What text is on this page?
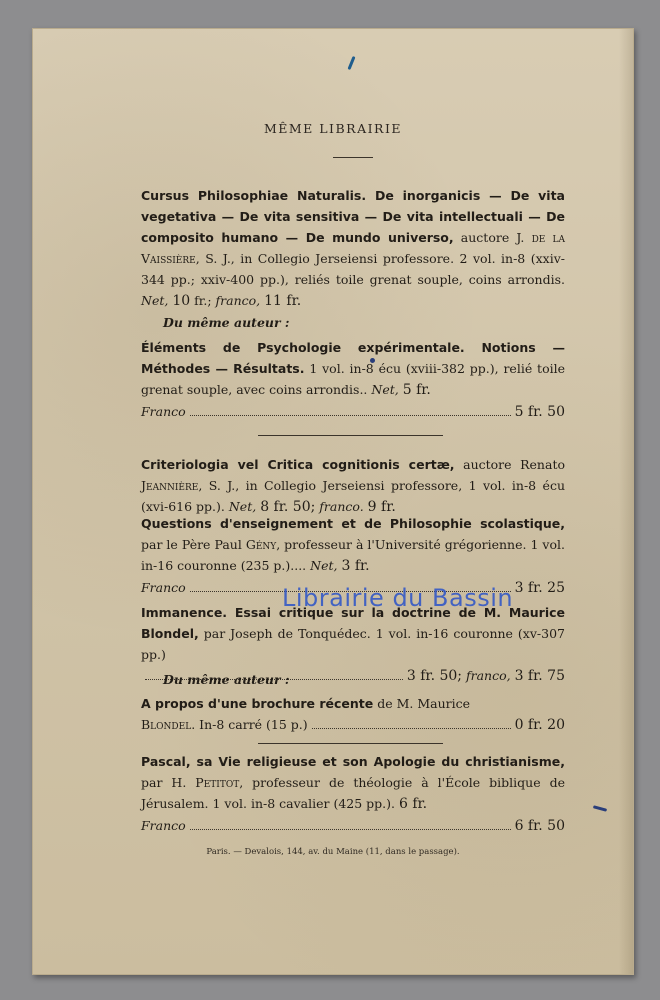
MÊME LIBRAIRIE

Cursus Philosophiae Naturalis. De inorganicis — De vita vegetativa — De vita sensitiva — De vita intellectuali — De composito humano — De mundo universo, auctore J. de la Vaissière, S. J., in Collegio Jerseiensi professore. 2 vol. in-8 (xxiv-344 pp.; xxiv-400 pp.), reliés toile grenat souple, coins arrondis. Net, 10 fr.; franco, 11 fr.

Du même auteur :

Éléments de Psychologie expérimentale. Notions — Méthodes — Résultats. 1 vol. in-8 écu (xviii-382 pp.), relié toile grenat souple, avec coins arrondis.. Net, 5 fr.

Franco	5 fr. 50

Criteriologia vel Critica cognitionis certæ, auctore Renato Jeannière, S. J., in Collegio Jerseiensi professore, 1 vol. in-8 écu (xvi-616 pp.). Net, 8 fr. 50; franco. 9 fr.

Questions d'enseignement et de Philosophie scolastique, par le Père Paul Gény, professeur à l'Université grégorienne. 1 vol. in-16 couronne (235 p.).... Net, 3 fr.

Franco	3 fr. 25

Immanence. Essai critique sur la doctrine de M. Maurice Blondel, par Joseph de Tonquédec. 1 vol. in-16 couronne (xv-307 pp.)

3 fr. 50;
franco,
3 fr. 75
Du même auteur :

A propos d'une brochure récente de M. Maurice

Blondel . In-8 carré (15 p.)	0 fr. 20

Pascal, sa Vie religieuse et son Apologie du christianisme, par H. Petitot, professeur de théologie à l'École biblique de Jérusalem. 1 vol. in-8 cavalier (425 pp.). 6 fr.

Franco	6 fr. 50
Paris. — Devalois, 144, av. du Maine (11, dans le passage).
Librairie du Bassin
